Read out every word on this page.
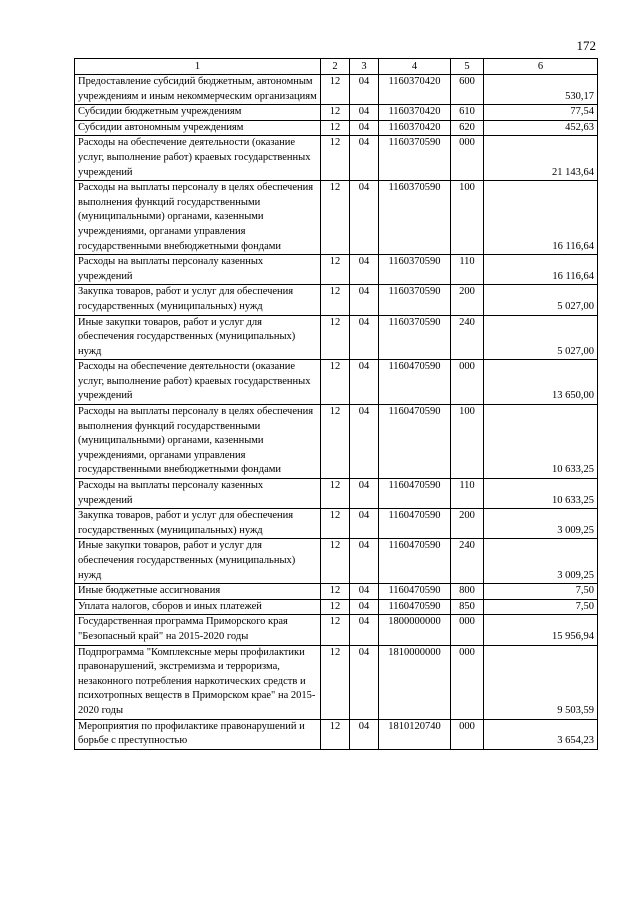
172
1	2	3	4	5	6
Предоставление субсидий бюджетным, автономным учреждениям и иным некоммерческим организациям	12	04	1160370420	600	530,17
Субсидии бюджетным учреждениям	12	04	1160370420	610	77,54
Субсидии автономным учреждениям	12	04	1160370420	620	452,63
Расходы на обеспечение деятельности (оказание услуг, выполнение работ) краевых государственных учреждений	12	04	1160370590	000	21 143,64
Расходы на выплаты персоналу в целях обеспечения выполнения функций государственными (муниципальными) органами, казенными учреждениями, органами управления государственными внебюджетными фондами	12	04	1160370590	100	16 116,64
Расходы на выплаты персоналу казенных учреждений	12	04	1160370590	110	16 116,64
Закупка товаров, работ и услуг для обеспечения государственных (муниципальных) нужд	12	04	1160370590	200	5 027,00
Иные закупки товаров, работ и услуг для обеспечения государственных (муниципальных) нужд	12	04	1160370590	240	5 027,00
Расходы на обеспечение деятельности (оказание услуг, выполнение работ) краевых государственных учреждений	12	04	1160470590	000	13 650,00
Расходы на выплаты персоналу в целях обеспечения выполнения функций государственными (муниципальными) органами, казенными учреждениями, органами управления государственными внебюджетными фондами	12	04	1160470590	100	10 633,25
Расходы на выплаты персоналу казенных учреждений	12	04	1160470590	110	10 633,25
Закупка товаров, работ и услуг для обеспечения государственных (муниципальных) нужд	12	04	1160470590	200	3 009,25
Иные закупки товаров, работ и услуг для обеспечения государственных (муниципальных) нужд	12	04	1160470590	240	3 009,25
Иные бюджетные ассигнования	12	04	1160470590	800	7,50
Уплата налогов, сборов и иных платежей	12	04	1160470590	850	7,50
Государственная программа Приморского края "Безопасный край" на 2015-2020 годы	12	04	1800000000	000	15 956,94
Подпрограмма "Комплексные меры профилактики правонарушений, экстремизма и терроризма, незаконного потребления наркотических средств и психотропных веществ в Приморском крае" на 2015-2020 годы	12	04	1810000000	000	9 503,59
Мероприятия по профилактике правонарушений и борьбе с преступностью	12	04	1810120740	000	3 654,23
